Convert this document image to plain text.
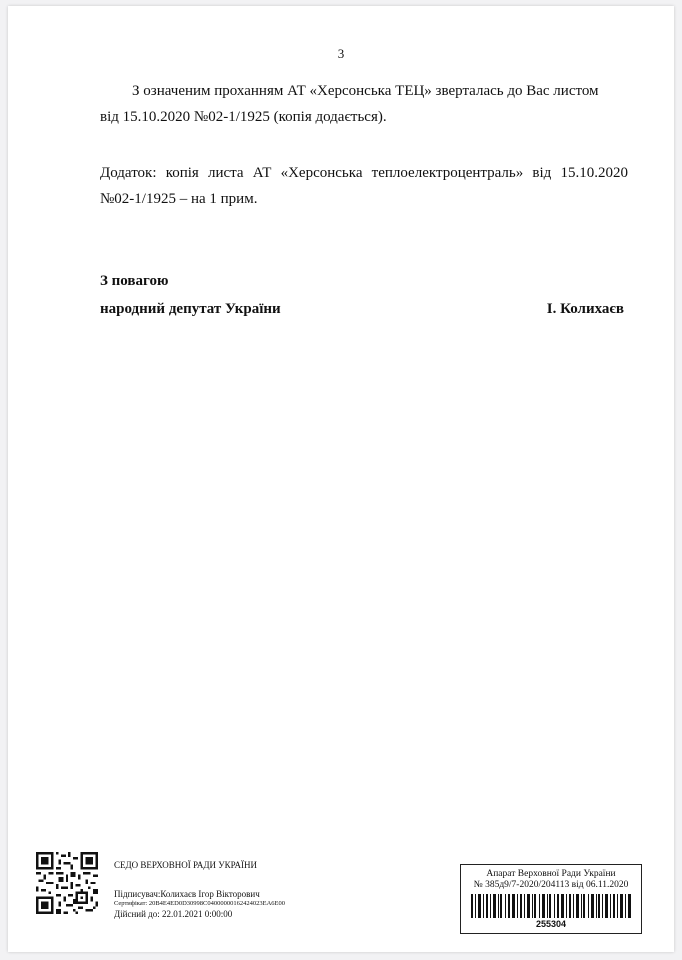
3
З означеним проханням АТ «Херсонська ТЕЦ» зверталась до Вас листом
від 15.10.2020 №02-1/1925 (копія додається).
Додаток: копія листа АТ «Херсонська теплоелектроцентраль» від 15.10.2020
№02-1/1925 – на 1 прим.
З повагою
народний депутат України	І. Колихаєв
СЕДО ВЕРХОВНОЇ РАДИ УКРАЇНИ
Підписувач:Колихаєв Ігор Вікторович
Сертифікат: 20В4Е4ЕD0D30998С04000000162424023ЕА6Е00
Дійсний до: 22.01.2021 0:00:00
Апарат Верховної Ради України
№ 385д9/7-2020/204113 від 06.11.2020
255304
